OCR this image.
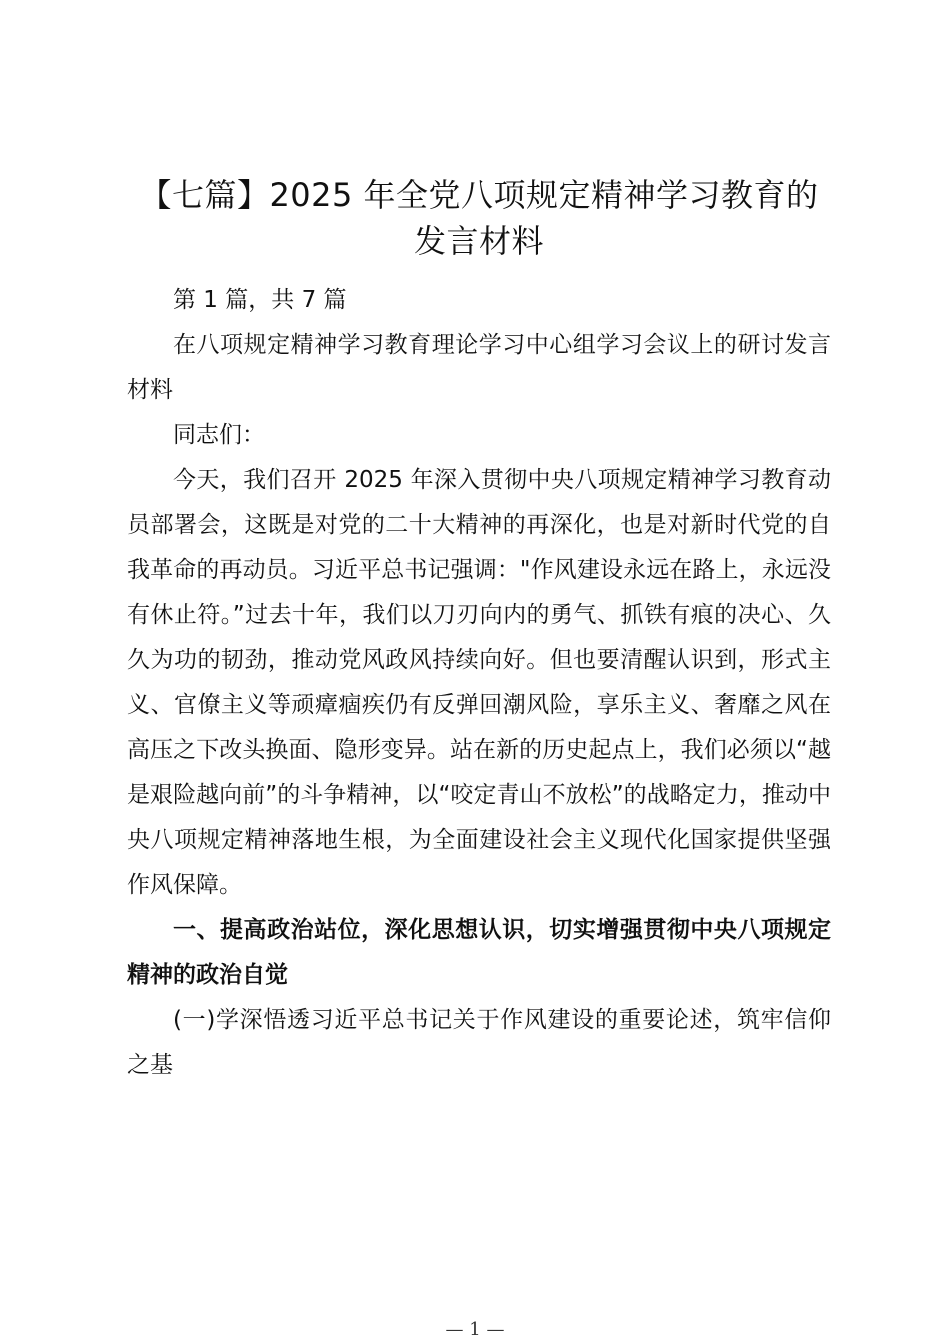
【七篇】2025 年全党八项规定精神学习教育的发言材料

第 1 篇，共 7 篇

在八项规定精神学习教育理论学习中心组学习会议上的研讨发言材料

同志们：

今天，我们召开 2025 年深入贯彻中央八项规定精神学习教育动员部署会，这既是对党的二十大精神的再深化，也是对新时代党的自我革命的再动员。习近平总书记强调："作风建设永远在路上，永远没有休止符。”过去十年，我们以刀刃向内的勇气、抓铁有痕的决心、久久为功的韧劲，推动党风政风持续向好。但也要清醒认识到，形式主义、官僚主义等顽瘴痼疾仍有反弹回潮风险，享乐主义、奢靡之风在高压之下改头换面、隐形变异。站在新的历史起点上，我们必须以“越是艰险越向前”的斗争精神，以“咬定青山不放松”的战略定力，推动中央八项规定精神落地生根，为全面建设社会主义现代化国家提供坚强作风保障。

一、提高政治站位，深化思想认识，切实增强贯彻中央八项规定精神的政治自觉

(一)学深悟透习近平总书记关于作风建设的重要论述，筑牢信仰之基

— 1 —
